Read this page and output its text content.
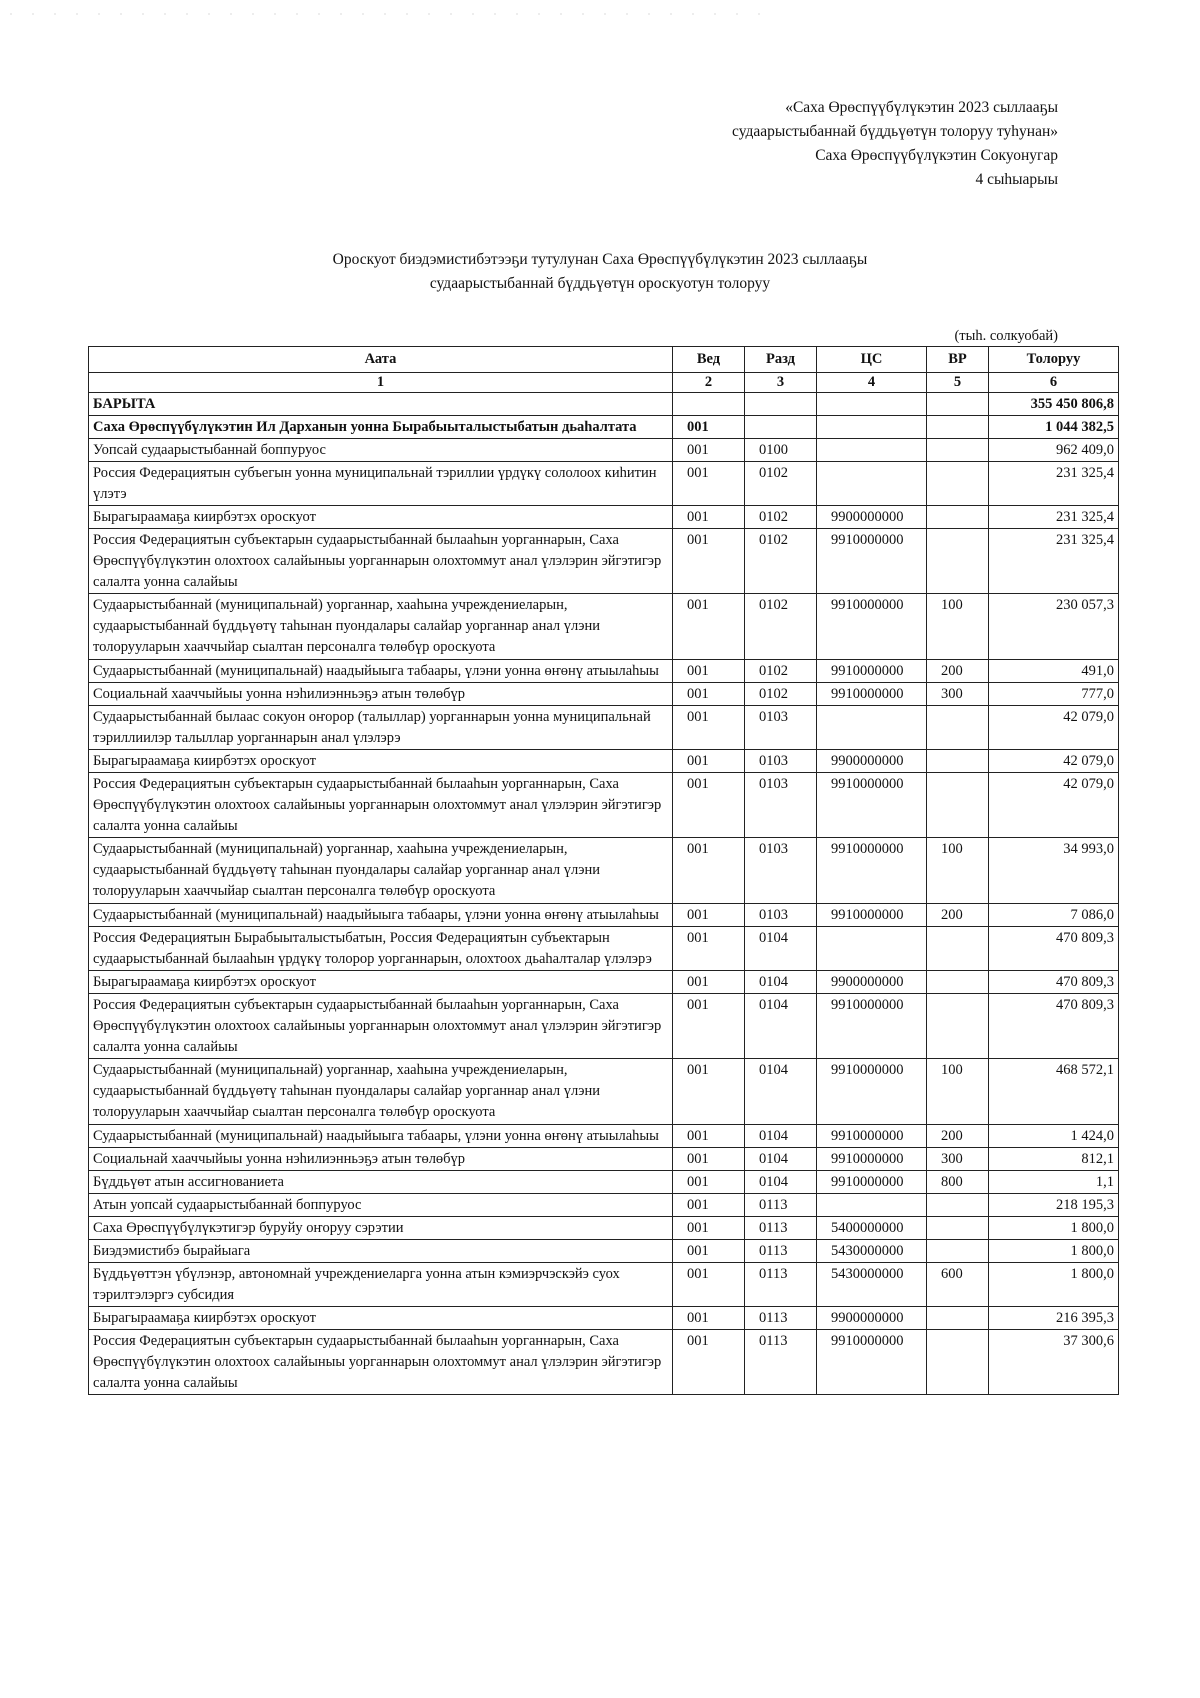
«Саха Өрөспүүбүлүкэтин 2023 сыллааҕы
судаарыстыбаннай бүддьүөтүн толоруу туһунан»
Саха Өрөспүүбүлүкэтин Сокуонугар
4 сыһыарыы
Ороскуот биэдэмистибэтээҕи тутулунан Саха Өрөспүүбүлүкэтин 2023 сыллааҕы
судаарыстыбаннай бүддьүөтүн ороскуотун толоруу
(тыһ. солкуобай)
Аата	Вед	Разд	ЦС	ВР	Толоруу
1	2	3	4	5	6
БАРЫТА					355 450 806,8
Саха Өрөспүүбүлүкэтин Ил Дарханын уонна Бырабыыталыстыбатын дьаһалтата	001				1 044 382,5
Уопсай судаарыстыбаннай боппуруос	001	0100			962 409,0
Россия Федерациятын субъегын уонна муниципальнай тэриллии үрдүкү сололоох киһитин үлэтэ	001	0102			231 325,4
Бырагыраамаҕа киирбэтэх ороскуот	001	0102	9900000000		231 325,4
Россия Федерациятын субъектарын судаарыстыбаннай былааһын уорганнарын, Саха Өрөспүүбүлүкэтин олохтоох салайыныы уорганнарын олохтоммут анал үлэлэрин эйгэтигэр салалта уонна салайыы	001	0102	9910000000		231 325,4
Судаарыстыбаннай (муниципальнай) уорганнар, хааһына учреждениеларын, судаарыстыбаннай бүддьүөтү таһынан пуондалары салайар уорганнар анал үлэни толорууларын хааччыйар сыалтан персоналга төлөбүр ороскуота	001	0102	9910000000	100	230 057,3
Судаарыстыбаннай (муниципальнай) наадыйыыга табаары, үлэни уонна өҥөнү атыылаһыы	001	0102	9910000000	200	491,0
Социальнай хааччыйыы уонна нэһилиэнньэҕэ атын төлөбүр	001	0102	9910000000	300	777,0
Судаарыстыбаннай былаас сокуон оҥорор (талыллар) уорганнарын уонна муниципальнай тэриллиилэр талыллар уорганнарын анал үлэлэрэ	001	0103			42 079,0
Бырагыраамаҕа киирбэтэх ороскуот	001	0103	9900000000		42 079,0
Россия Федерациятын субъектарын судаарыстыбаннай былааһын уорганнарын, Саха Өрөспүүбүлүкэтин олохтоох салайыныы уорганнарын олохтоммут анал үлэлэрин эйгэтигэр салалта уонна салайыы	001	0103	9910000000		42 079,0
Судаарыстыбаннай (муниципальнай) уорганнар, хааһына учреждениеларын, судаарыстыбаннай бүддьүөтү таһынан пуондалары салайар уорганнар анал үлэни толорууларын хааччыйар сыалтан персоналга төлөбүр ороскуота	001	0103	9910000000	100	34 993,0
Судаарыстыбаннай (муниципальнай) наадыйыыга табаары, үлэни уонна өҥөнү атыылаһыы	001	0103	9910000000	200	7 086,0
Россия Федерациятын Бырабыыталыстыбатын, Россия Федерациятын субъектарын судаарыстыбаннай былааһын үрдүкү толорор уорганнарын, олохтоох дьаһалталар үлэлэрэ	001	0104			470 809,3
Бырагыраамаҕа киирбэтэх ороскуот	001	0104	9900000000		470 809,3
Россия Федерациятын субъектарын судаарыстыбаннай былааһын уорганнарын, Саха Өрөспүүбүлүкэтин олохтоох салайыныы уорганнарын олохтоммут анал үлэлэрин эйгэтигэр салалта уонна салайыы	001	0104	9910000000		470 809,3
Судаарыстыбаннай (муниципальнай) уорганнар, хааһына учреждениеларын, судаарыстыбаннай бүддьүөтү таһынан пуондалары салайар уорганнар анал үлэни толорууларын хааччыйар сыалтан персоналга төлөбүр ороскуота	001	0104	9910000000	100	468 572,1
Судаарыстыбаннай (муниципальнай) наадыйыыга табаары, үлэни уонна өҥөнү атыылаһыы	001	0104	9910000000	200	1 424,0
Социальнай хааччыйыы уонна нэһилиэнньэҕэ атын төлөбүр	001	0104	9910000000	300	812,1
Бүддьүөт атын ассигнованиета	001	0104	9910000000	800	1,1
Атын уопсай судаарыстыбаннай боппуруос	001	0113			218 195,3
Саха Өрөспүүбүлүкэтигэр буруйу оҥоруу сэрэтии	001	0113	5400000000		1 800,0
Биэдэмистибэ бырайыага	001	0113	5430000000		1 800,0
Бүддьүөттэн үбүлэнэр, автономнай учреждениеларга уонна атын кэмиэрчэскэйэ суох тэрилтэлэргэ субсидия	001	0113	5430000000	600	1 800,0
Бырагыраамаҕа киирбэтэх ороскуот	001	0113	9900000000		216 395,3
Россия Федерациятын субъектарын судаарыстыбаннай былааһын уорганнарын, Саха Өрөспүүбүлүкэтин олохтоох салайыныы уорганнарын олохтоммут анал үлэлэрин эйгэтигэр салалта уонна салайыы	001	0113	9910000000		37 300,6
